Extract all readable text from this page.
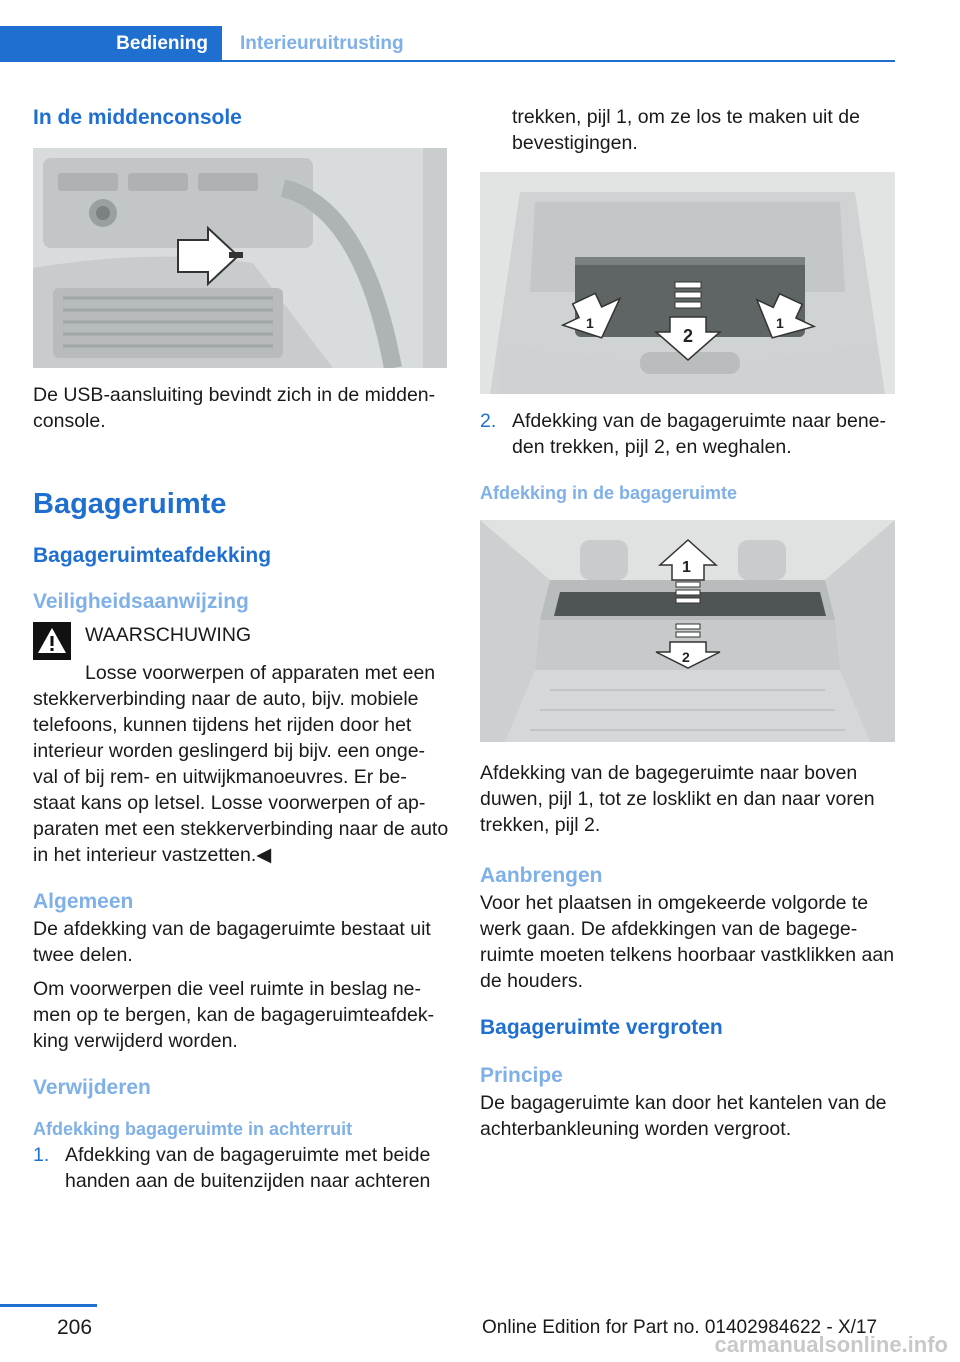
Bediening	Interieuruitrusting
In de middenconsole

De USB-aansluiting bevindt zich in de midden-console.

Bagageruimte
Bagageruimteafdekking
Veiligheidsaanwijzing
WAARSCHUWING

Losse voorwerpen of apparaten met een stekkerverbinding naar de auto, bijv. mobiele telefoons, kunnen tijdens het rijden door het interieur worden geslingerd bij bijv. een onge-val of bij rem- en uitwijkmanoeuvres. Er be-staat kans op letsel. Losse voorwerpen of ap-paraten met een stekkerverbinding naar de auto in het interieur vastzetten.◀

Algemeen

De afdekking van de bagageruimte bestaat uit twee delen.

Om voorwerpen die veel ruimte in beslag ne-men op te bergen, kan de bagageruimteafdek-king verwijderd worden.

Verwijderen
Afdekking bagageruimte in achterruit
1. Afdekking van de bagageruimte met beide handen aan de buitenzijden naar achteren

trekken, pijl 1, om ze los te maken uit de bevestigingen.

2
1	1
2. Afdekking van de bagageruimte naar bene-den trekken, pijl 2, en weghalen.

Afdekking in de bagageruimte
1
2

Afdekking van de bagegeruimte naar boven duwen, pijl 1, tot ze losklikt en dan naar voren trekken, pijl 2.

Aanbrengen

Voor het plaatsen in omgekeerde volgorde te werk gaan. De afdekkingen van de bagege-ruimte moeten telkens hoorbaar vastklikken aan de houders.

Bagageruimte vergroten
Principe

De bagageruimte kan door het kantelen van de achterbankleuning worden vergroot.

206	Online Edition for Part no. 01402984622 - X/17
carmanualsonline.info
